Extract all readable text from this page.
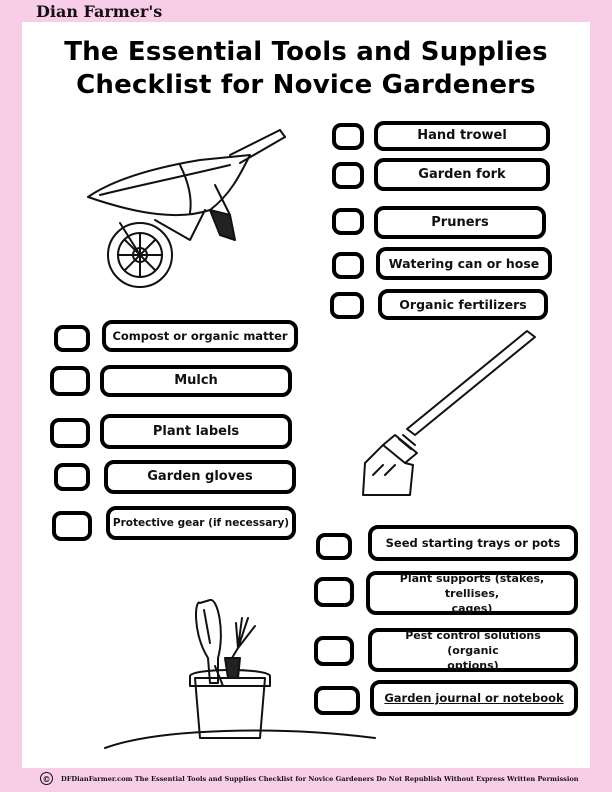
Dian Farmer's
The Essential Tools and Supplies
Checklist for Novice Gardeners
Hand trowel
Garden fork
Pruners
Watering can or hose
Organic fertilizers
Compost or organic matter
Mulch
Plant labels
Garden gloves
Protective gear (if necessary)
Seed starting trays or pots
Plant supports (stakes, trellises,
cages)
Pest control solutions (organic
options)
Garden journal or notebook
©	DFDianFarmer.com The Essential Tools and Supplies Checklist for Novice Gardeners Do Not Republish Without Express Written Permission
